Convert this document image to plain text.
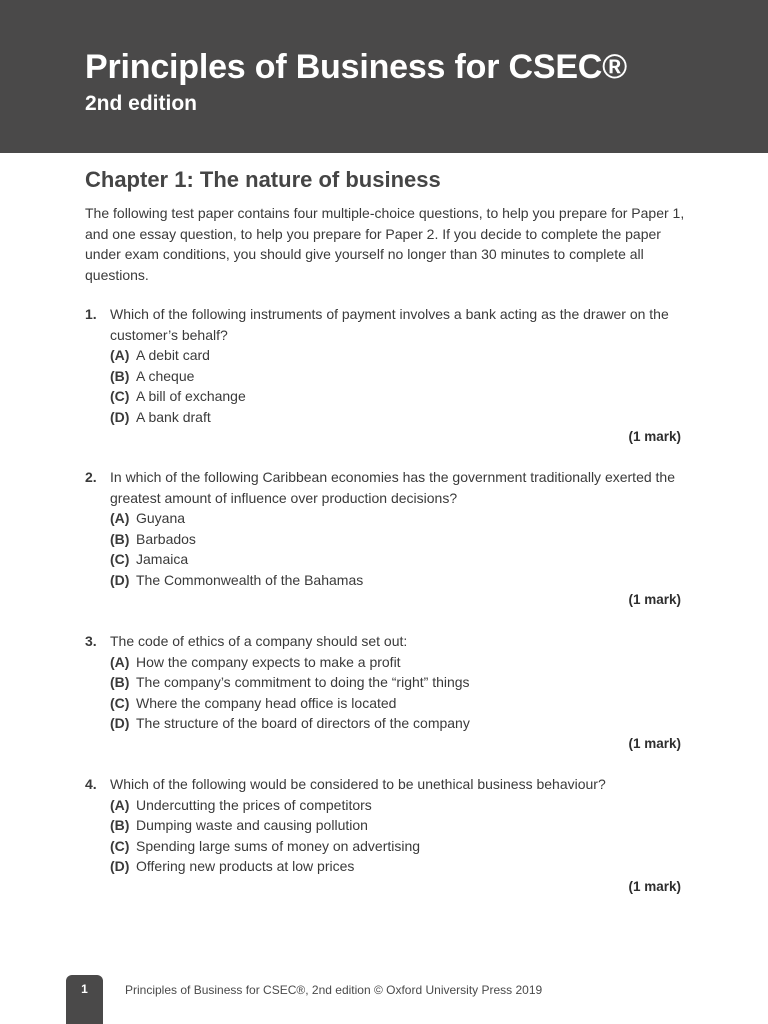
Principles of Business for CSEC®
2nd edition
Chapter 1: The nature of business

The following test paper contains four multiple-choice questions, to help you prepare for Paper 1, and one essay question, to help you prepare for Paper 2. If you decide to complete the paper under exam conditions, you should give yourself no longer than 30 minutes to complete all questions.

1. Which of the following instruments of payment involves a bank acting as the drawer on the customer’s behalf?
(A) A debit card
(B) A cheque
(C) A bill of exchange
(D) A bank draft
(1 mark)
2. In which of the following Caribbean economies has the government traditionally exerted the greatest amount of influence over production decisions?
(A) Guyana
(B) Barbados
(C) Jamaica
(D) The Commonwealth of the Bahamas
(1 mark)
3. The code of ethics of a company should set out:
(A) How the company expects to make a profit
(B) The company’s commitment to doing the “right” things
(C) Where the company head office is located
(D) The structure of the board of directors of the company
(1 mark)
4. Which of the following would be considered to be unethical business behaviour?
(A) Undercutting the prices of competitors
(B) Dumping waste and causing pollution
(C) Spending large sums of money on advertising
(D) Offering new products at low prices
(1 mark)
1	Principles of Business for CSEC®, 2nd edition © Oxford University Press 2019
